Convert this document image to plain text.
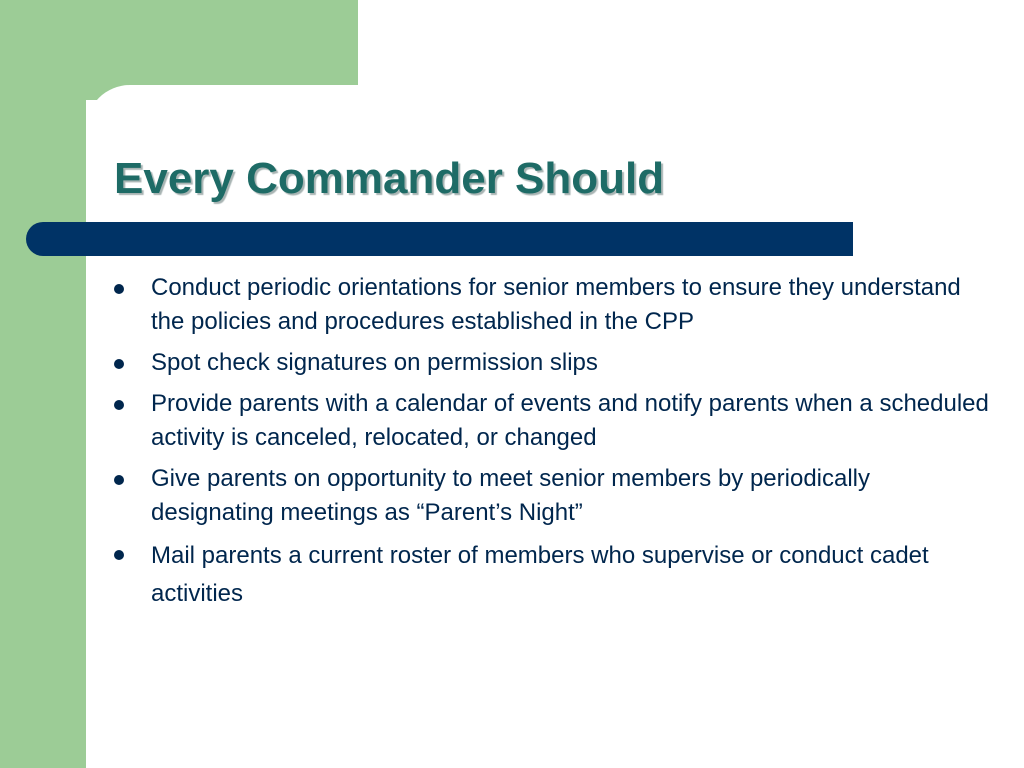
Every Commander Should
Conduct periodic orientations for senior members to ensure they understand the policies and procedures established in the CPP
Spot check signatures on permission slips
Provide parents with a calendar of events and notify parents when a scheduled activity is canceled, relocated, or changed
Give parents on opportunity to meet senior members by periodically designating meetings as “Parent’s Night”
Mail parents a current roster of members who supervise or conduct cadet activities
